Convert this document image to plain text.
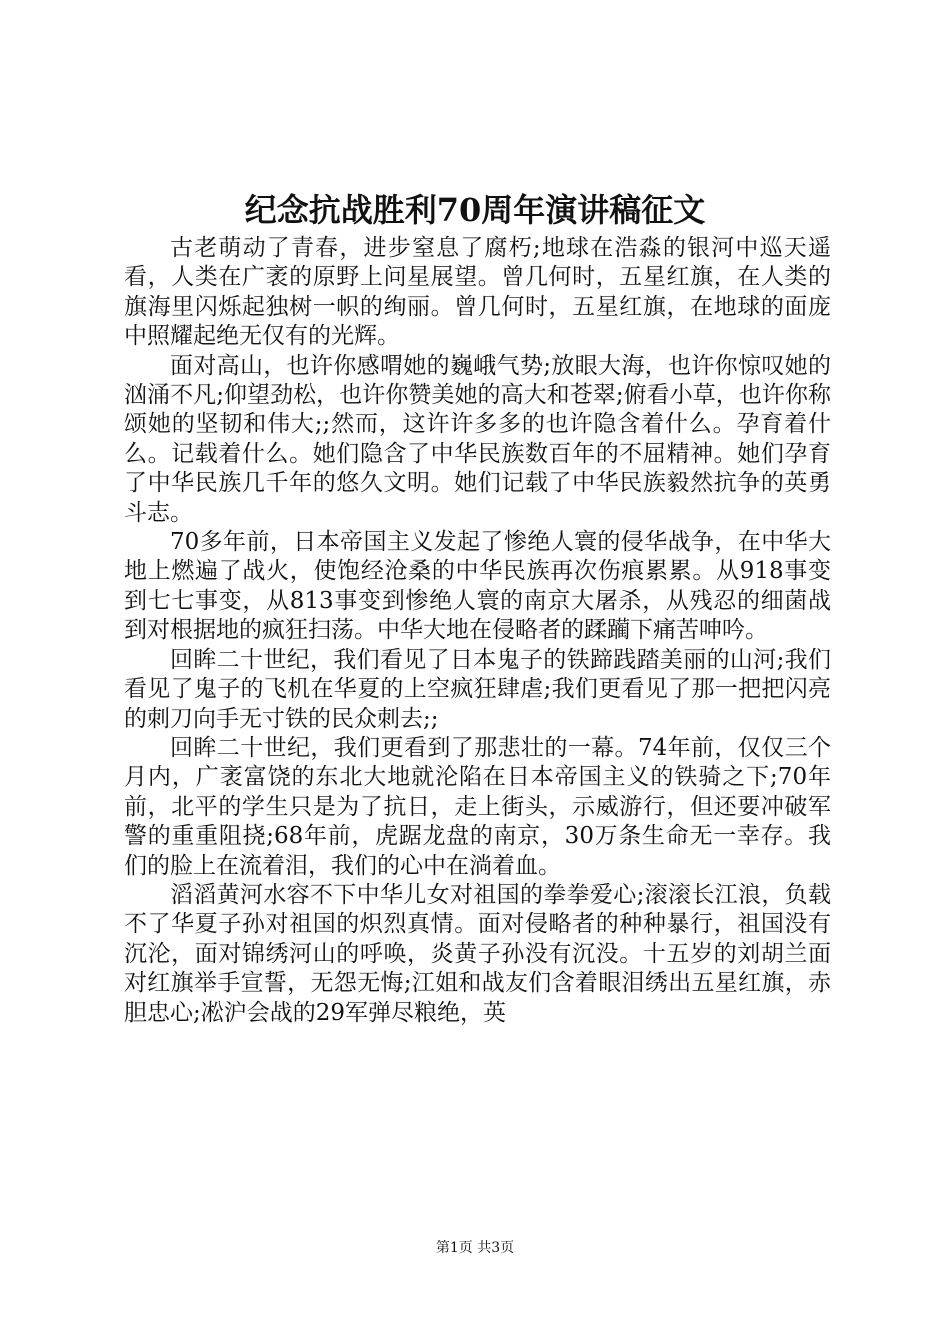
纪念抗战胜利70周年演讲稿征文

古老萌动了青春，进步窒息了腐朽;地球在浩淼的银河中巡天遥看，人类在广袤的原野上问星展望。曾几何时，五星红旗，在人类的旗海里闪烁起独树一帜的绚丽。曾几何时，五星红旗，在地球的面庞中照耀起绝无仅有的光辉。

面对高山，也许你感喟她的巍峨气势;放眼大海，也许你惊叹她的汹涌不凡;仰望劲松，也许你赞美她的高大和苍翠;俯看小草，也许你称颂她的坚韧和伟大;;然而，这许许多多的也许隐含着什么。孕育着什么。记载着什么。她们隐含了中华民族数百年的不屈精神。她们孕育了中华民族几千年的悠久文明。她们记载了中华民族毅然抗争的英勇斗志。

70多年前，日本帝国主义发起了惨绝人寰的侵华战争，在中华大地上燃遍了战火，使饱经沧桑的中华民族再次伤痕累累。从918事变到七七事变，从813事变到惨绝人寰的南京大屠杀，从残忍的细菌战到对根据地的疯狂扫荡。中华大地在侵略者的蹂躏下痛苦呻吟。

回眸二十世纪，我们看见了日本鬼子的铁蹄践踏美丽的山河;我们看见了鬼子的飞机在华夏的上空疯狂肆虐;我们更看见了那一把把闪亮的刺刀向手无寸铁的民众刺去;;

回眸二十世纪，我们更看到了那悲壮的一幕。74年前，仅仅三个月内，广袤富饶的东北大地就沦陷在日本帝国主义的铁骑之下;70年前，北平的学生只是为了抗日，走上街头，示威游行，但还要冲破军警的重重阻挠;68年前，虎踞龙盘的南京，30万条生命无一幸存。我们的脸上在流着泪，我们的心中在淌着血。

滔滔黄河水容不下中华儿女对祖国的拳拳爱心;滚滚长江浪，负载不了华夏子孙对祖国的炽烈真情。面对侵略者的种种暴行，祖国没有沉沦，面对锦绣河山的呼唤，炎黄子孙没有沉没。十五岁的刘胡兰面对红旗举手宣誓，无怨无悔;江姐和战友们含着眼泪绣出五星红旗，赤胆忠心;凇沪会战的29军弹尽粮绝，英

第1页 共3页
